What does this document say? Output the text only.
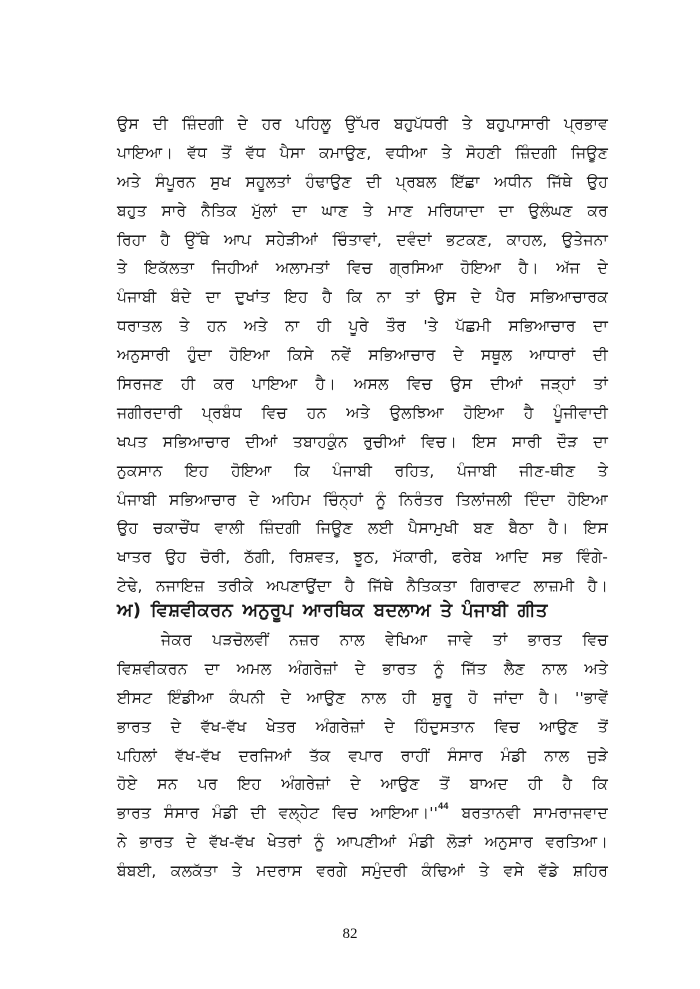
ਉਸ ਦੀ ਜ਼ਿੰਦਗੀ ਦੇ ਹਰ ਪਹਿਲੂ ਉੱਪਰ ਬਹੁਪੱਧਰੀ ਤੇ ਬਹੁਪਾਸਾਰੀ ਪ੍ਰਭਾਵ
ਪਾਇਆ। ਵੱਧ ਤੋਂ ਵੱਧ ਪੈਸਾ ਕਮਾਉਣ, ਵਧੀਆ ਤੇ ਸੋਹਣੀ ਜ਼ਿੰਦਗੀ ਜਿਊਣ
ਅਤੇ ਸੰਪੂਰਨ ਸੁਖ ਸਹੂਲਤਾਂ ਹੰਢਾਉਣ ਦੀ ਪ੍ਰਬਲ ਇੱਛਾ ਅਧੀਨ ਜਿੱਥੇ ਉਹ
ਬਹੁਤ ਸਾਰੇ ਨੈਤਿਕ ਮੁੱਲਾਂ ਦਾ ਘਾਣ ਤੇ ਮਾਣ ਮਰਿਯਾਦਾ ਦਾ ਉਲੰਘਣ ਕਰ
ਰਿਹਾ ਹੈ ਉੱਥੇ ਆਪ ਸਹੇੜੀਆਂ ਚਿੰਤਾਵਾਂ, ਦਵੰਦਾਂ ਭਟਕਣ, ਕਾਹਲ, ਉਤੇਜਨਾ
ਤੇ ਇਕੱਲਤਾ ਜਿਹੀਆਂ ਅਲਾਮਤਾਂ ਵਿਚ ਗ੍ਰਸਿਆ ਹੋਇਆ ਹੈ। ਅੱਜ ਦੇ
ਪੰਜਾਬੀ ਬੰਦੇ ਦਾ ਦੁਖਾਂਤ ਇਹ ਹੈ ਕਿ ਨਾ ਤਾਂ ਉਸ ਦੇ ਪੈਰ ਸਭਿਆਚਾਰਕ
ਧਰਾਤਲ ਤੇ ਹਨ ਅਤੇ ਨਾ ਹੀ ਪੂਰੇ ਤੌਰ 'ਤੇ ਪੱਛਮੀ ਸਭਿਆਚਾਰ ਦਾ
ਅਨੁਸਾਰੀ ਹੁੰਦਾ ਹੋਇਆ ਕਿਸੇ ਨਵੇਂ ਸਭਿਆਚਾਰ ਦੇ ਸਥੂਲ ਆਧਾਰਾਂ ਦੀ
ਸਿਰਜਣ ਹੀ ਕਰ ਪਾਇਆ ਹੈ। ਅਸਲ ਵਿਚ ਉਸ ਦੀਆਂ ਜੜ੍ਹਾਂ ਤਾਂ
ਜਗੀਰਦਾਰੀ ਪ੍ਰਬੰਧ ਵਿਚ ਹਨ ਅਤੇ ਉਲਝਿਆ ਹੋਇਆ ਹੈ ਪੂੰਜੀਵਾਦੀ
ਖਪਤ ਸਭਿਆਚਾਰ ਦੀਆਂ ਤਬਾਹਕੁੰਨ ਰੁਚੀਆਂ ਵਿਚ। ਇਸ ਸਾਰੀ ਦੌੜ ਦਾ
ਨੁਕਸਾਨ ਇਹ ਹੋਇਆ ਕਿ ਪੰਜਾਬੀ ਰਹਿਤ, ਪੰਜਾਬੀ ਜੀਣ-ਥੀਣ ਤੇ
ਪੰਜਾਬੀ ਸਭਿਆਚਾਰ ਦੇ ਅਹਿਮ ਚਿੰਨ੍ਹਾਂ ਨੂੰ ਨਿਰੰਤਰ ਤਿਲਾਂਜਲੀ ਦਿੰਦਾ ਹੋਇਆ
ਉਹ ਚਕਾਚੌਂਧ ਵਾਲੀ ਜ਼ਿੰਦਗੀ ਜਿਊਣ ਲਈ ਪੈਸਾਮੁਖੀ ਬਣ ਬੈਠਾ ਹੈ। ਇਸ
ਖਾਤਰ ਉਹ ਚੋਰੀ, ਠੱਗੀ, ਰਿਸ਼ਵਤ, ਝੂਠ, ਮੱਕਾਰੀ, ਫਰੇਬ ਆਦਿ ਸਭ ਵਿੰਗੇ-
ਟੇਢੇ, ਨਜਾਇਜ਼ ਤਰੀਕੇ ਅਪਣਾਉਂਦਾ ਹੈ ਜਿੱਥੇ ਨੈਤਿਕਤਾ ਗਿਰਾਵਟ ਲਾਜ਼ਮੀ ਹੈ।
ਅ) ਵਿਸ਼ਵੀਕਰਨ ਅਨੁਰੂਪ ਆਰਥਿਕ ਬਦਲਾਅ ਤੇ ਪੰਜਾਬੀ ਗੀਤ
ਜੇਕਰ ਪੜਚੋਲਵੀਂ ਨਜ਼ਰ ਨਾਲ ਵੇਖਿਆ ਜਾਵੇ ਤਾਂ ਭਾਰਤ ਵਿਚ
ਵਿਸ਼ਵੀਕਰਨ ਦਾ ਅਮਲ ਅੰਗਰੇਜ਼ਾਂ ਦੇ ਭਾਰਤ ਨੂੰ ਜਿੱਤ ਲੈਣ ਨਾਲ ਅਤੇ
ਈਸਟ ਇੰਡੀਆ ਕੰਪਨੀ ਦੇ ਆਉਣ ਨਾਲ ਹੀ ਸ਼ੁਰੂ ਹੋ ਜਾਂਦਾ ਹੈ। ''ਭਾਵੇਂ
ਭਾਰਤ ਦੇ ਵੱਖ-ਵੱਖ ਖੇਤਰ ਅੰਗਰੇਜ਼ਾਂ ਦੇ ਹਿੰਦੁਸਤਾਨ ਵਿਚ ਆਉਣ ਤੋਂ
ਪਹਿਲਾਂ ਵੱਖ-ਵੱਖ ਦਰਜਿਆਂ ਤੱਕ ਵਪਾਰ ਰਾਹੀਂ ਸੰਸਾਰ ਮੰਡੀ ਨਾਲ ਜੁੜੇ
ਹੋਏ ਸਨ ਪਰ ਇਹ ਅੰਗਰੇਜ਼ਾਂ ਦੇ ਆਉਣ ਤੋਂ ਬਾਅਦ ਹੀ ਹੈ ਕਿ
ਭਾਰਤ ਸੰਸਾਰ ਮੰਡੀ ਦੀ ਵਲ੍ਹੇਟ ਵਿਚ ਆਇਆ।''$^{44}$ ਬਰਤਾਨਵੀ ਸਾਮਰਾਜਵਾਦ
ਨੇ ਭਾਰਤ ਦੇ ਵੱਖ-ਵੱਖ ਖੇਤਰਾਂ ਨੂੰ ਆਪਣੀਆਂ ਮੰਡੀ ਲੋੜਾਂ ਅਨੁਸਾਰ ਵਰਤਿਆ।
ਬੰਬਈ, ਕਲਕੱਤਾ ਤੇ ਮਦਰਾਸ ਵਰਗੇ ਸਮੁੰਦਰੀ ਕੰਢਿਆਂ ਤੇ ਵਸੇ ਵੱਡੇ ਸ਼ਹਿਰ
82
